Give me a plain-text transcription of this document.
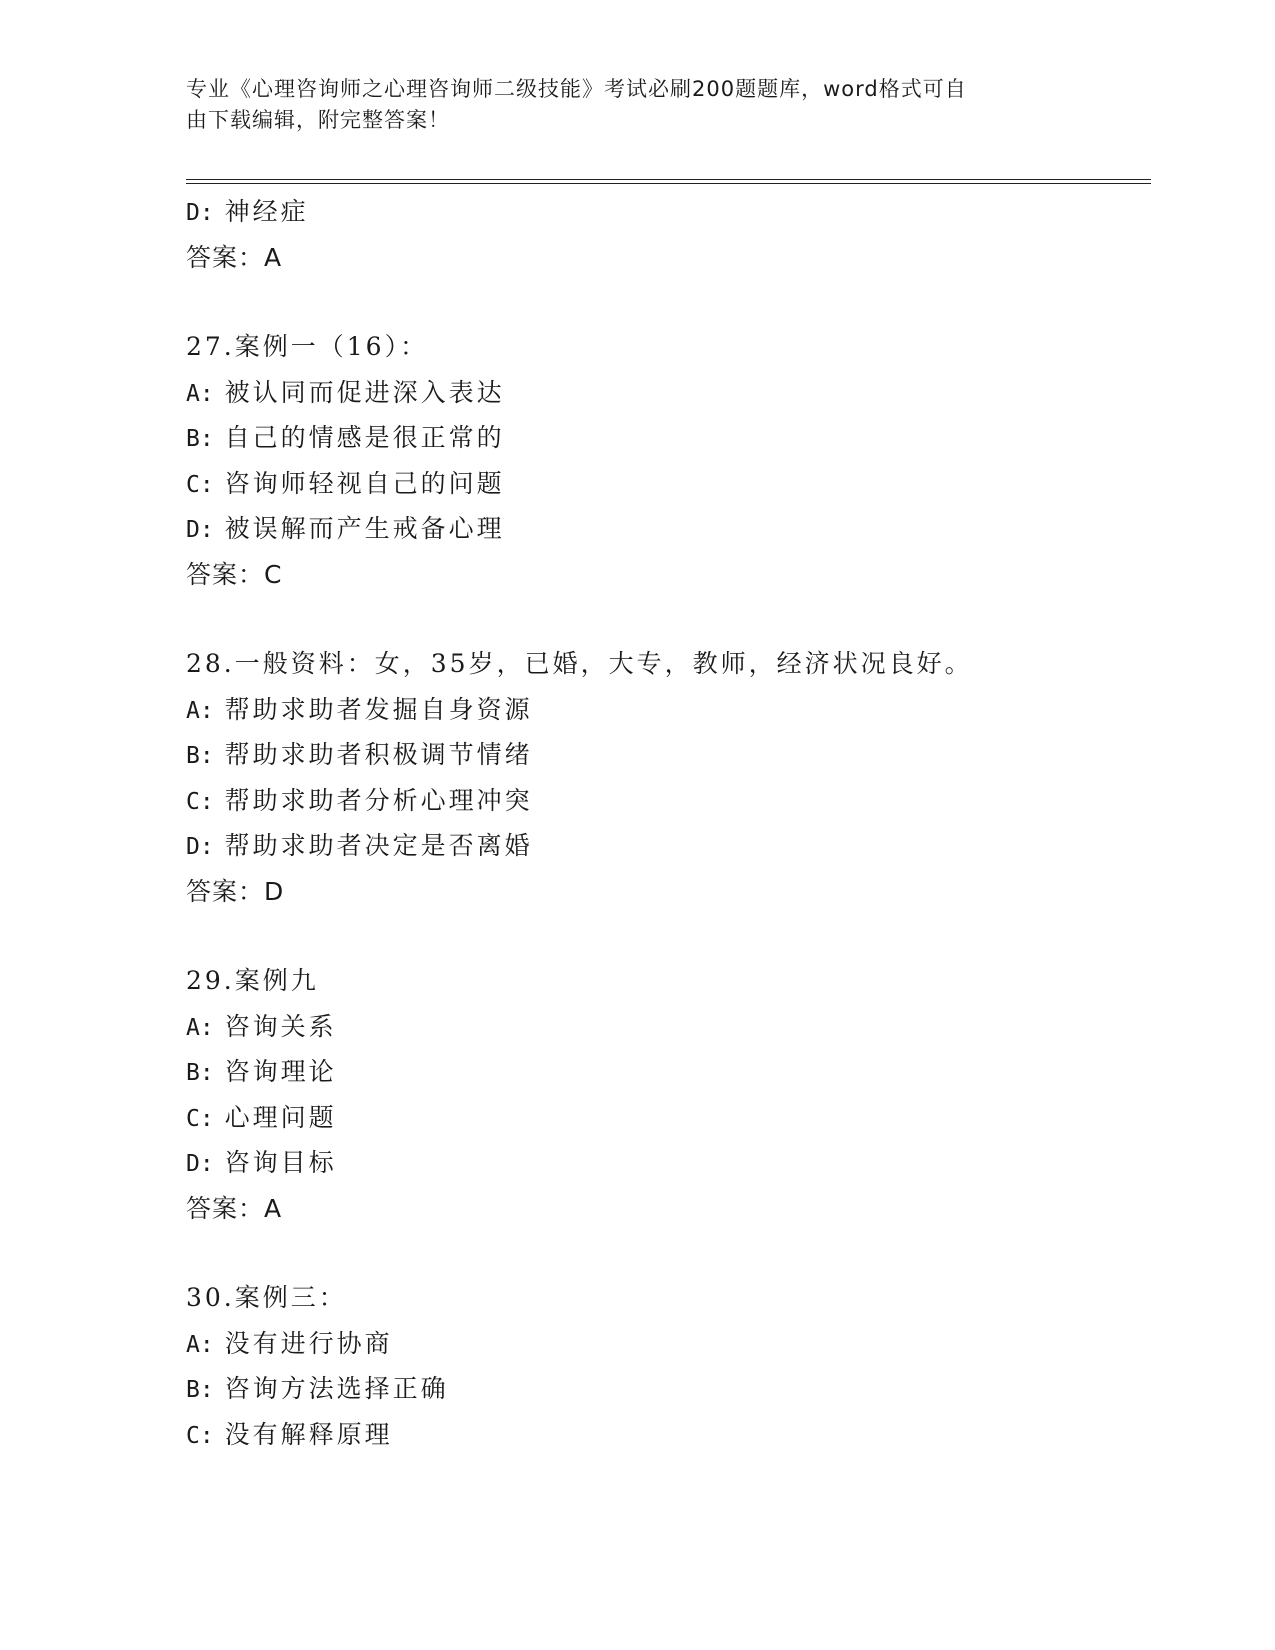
专业《心理咨询师之心理咨询师二级技能》考试必刷200题题库，word格式可自
由下载编辑，附完整答案！
D: 神经症
答案：A
27.案例一（16）：
A: 被认同而促进深入表达
B: 自己的情感是很正常的
C: 咨询师轻视自己的问题
D: 被误解而产生戒备心理
答案：C
28.一般资料：女，35岁，已婚，大专，教师，经济状况良好。
A: 帮助求助者发掘自身资源
B: 帮助求助者积极调节情绪
C: 帮助求助者分析心理冲突
D: 帮助求助者决定是否离婚
答案：D
29.案例九
A: 咨询关系
B: 咨询理论
C: 心理问题
D: 咨询目标
答案：A
30.案例三：
A: 没有进行协商
B: 咨询方法选择正确
C: 没有解释原理
